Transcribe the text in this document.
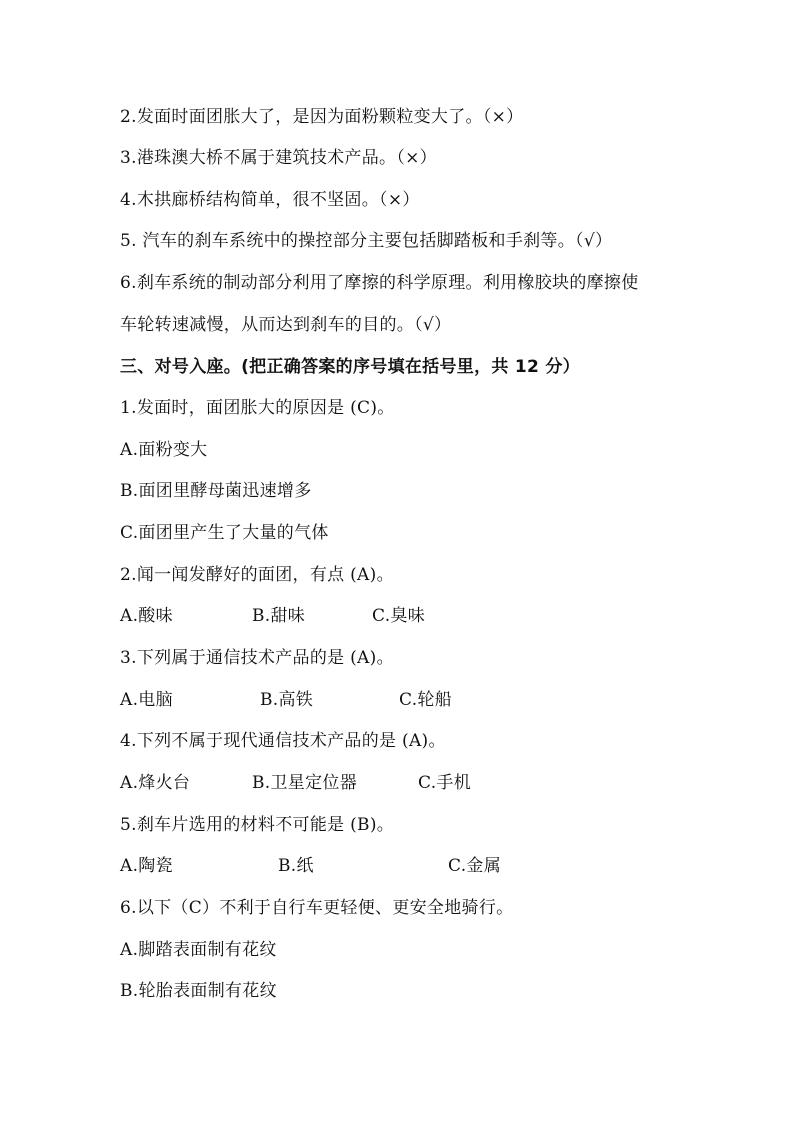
2.发面时面团胀大了，是因为面粉颗粒变大了。（×）
3.港珠澳大桥不属于建筑技术产品。（×）
4.木拱廊桥结构简单，很不坚固。（×）
5. 汽车的刹车系统中的操控部分主要包括脚踏板和手刹等。（√）
6.刹车系统的制动部分利用了摩擦的科学原理。利用橡胶块的摩擦使
车轮转速减慢，从而达到刹车的目的。（√）
三、对号入座。(把正确答案的序号填在括号里，共 12 分）
1.发面时，面团胀大的原因是 (C)。
A.面粉变大
B.面团里酵母菌迅速增多
C.面团里产生了大量的气体
2.闻一闻发酵好的面团，有点 (A)。

A.酸味

	B.甜味

	C.臭味

3.下列属于通信技术产品的是 (A)。

A.电脑

	B.高铁

	C.轮船

4.下列不属于现代通信技术产品的是 (A)。

A.烽火台

	B.卫星定位器

	C.手机

5.刹车片选用的材料不可能是 (B)。

A.陶瓷

	B.纸

	C.金属

6.以下（C）不利于自行车更轻便、更安全地骑行。
A.脚踏表面制有花纹
B.轮胎表面制有花纹
